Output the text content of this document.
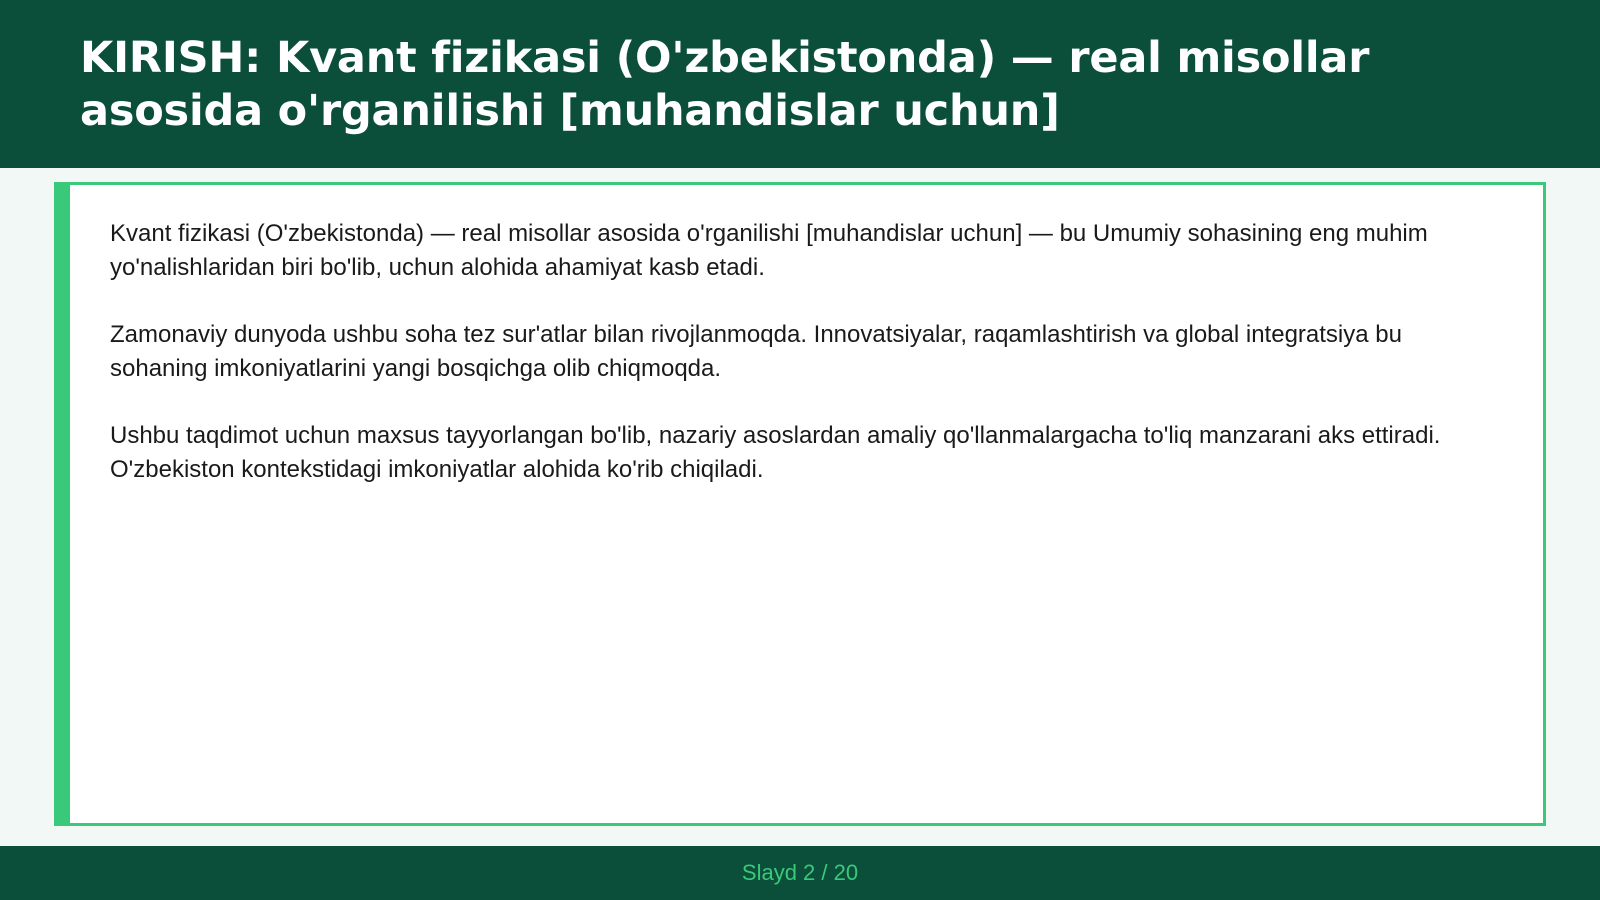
KIRISH: Kvant fizikasi (O'zbekistonda) — real misollar asosida o'rganilishi [muhandislar uchun]

Kvant fizikasi (O'zbekistonda) — real misollar asosida o'rganilishi [muhandislar uchun] — bu Umumiy sohasining eng muhim yo'nalishlaridan biri bo'lib, uchun alohida ahamiyat kasb etadi.

Zamonaviy dunyoda ushbu soha tez sur'atlar bilan rivojlanmoqda. Innovatsiyalar, raqamlashtirish va global integratsiya bu sohaning imkoniyatlarini yangi bosqichga olib chiqmoqda.

Ushbu taqdimot uchun maxsus tayyorlangan bo'lib, nazariy asoslardan amaliy qo'llanmalargacha to'liq manzarani aks ettiradi. O'zbekiston kontekstidagi imkoniyatlar alohida ko'rib chiqiladi.

Slayd 2 / 20
